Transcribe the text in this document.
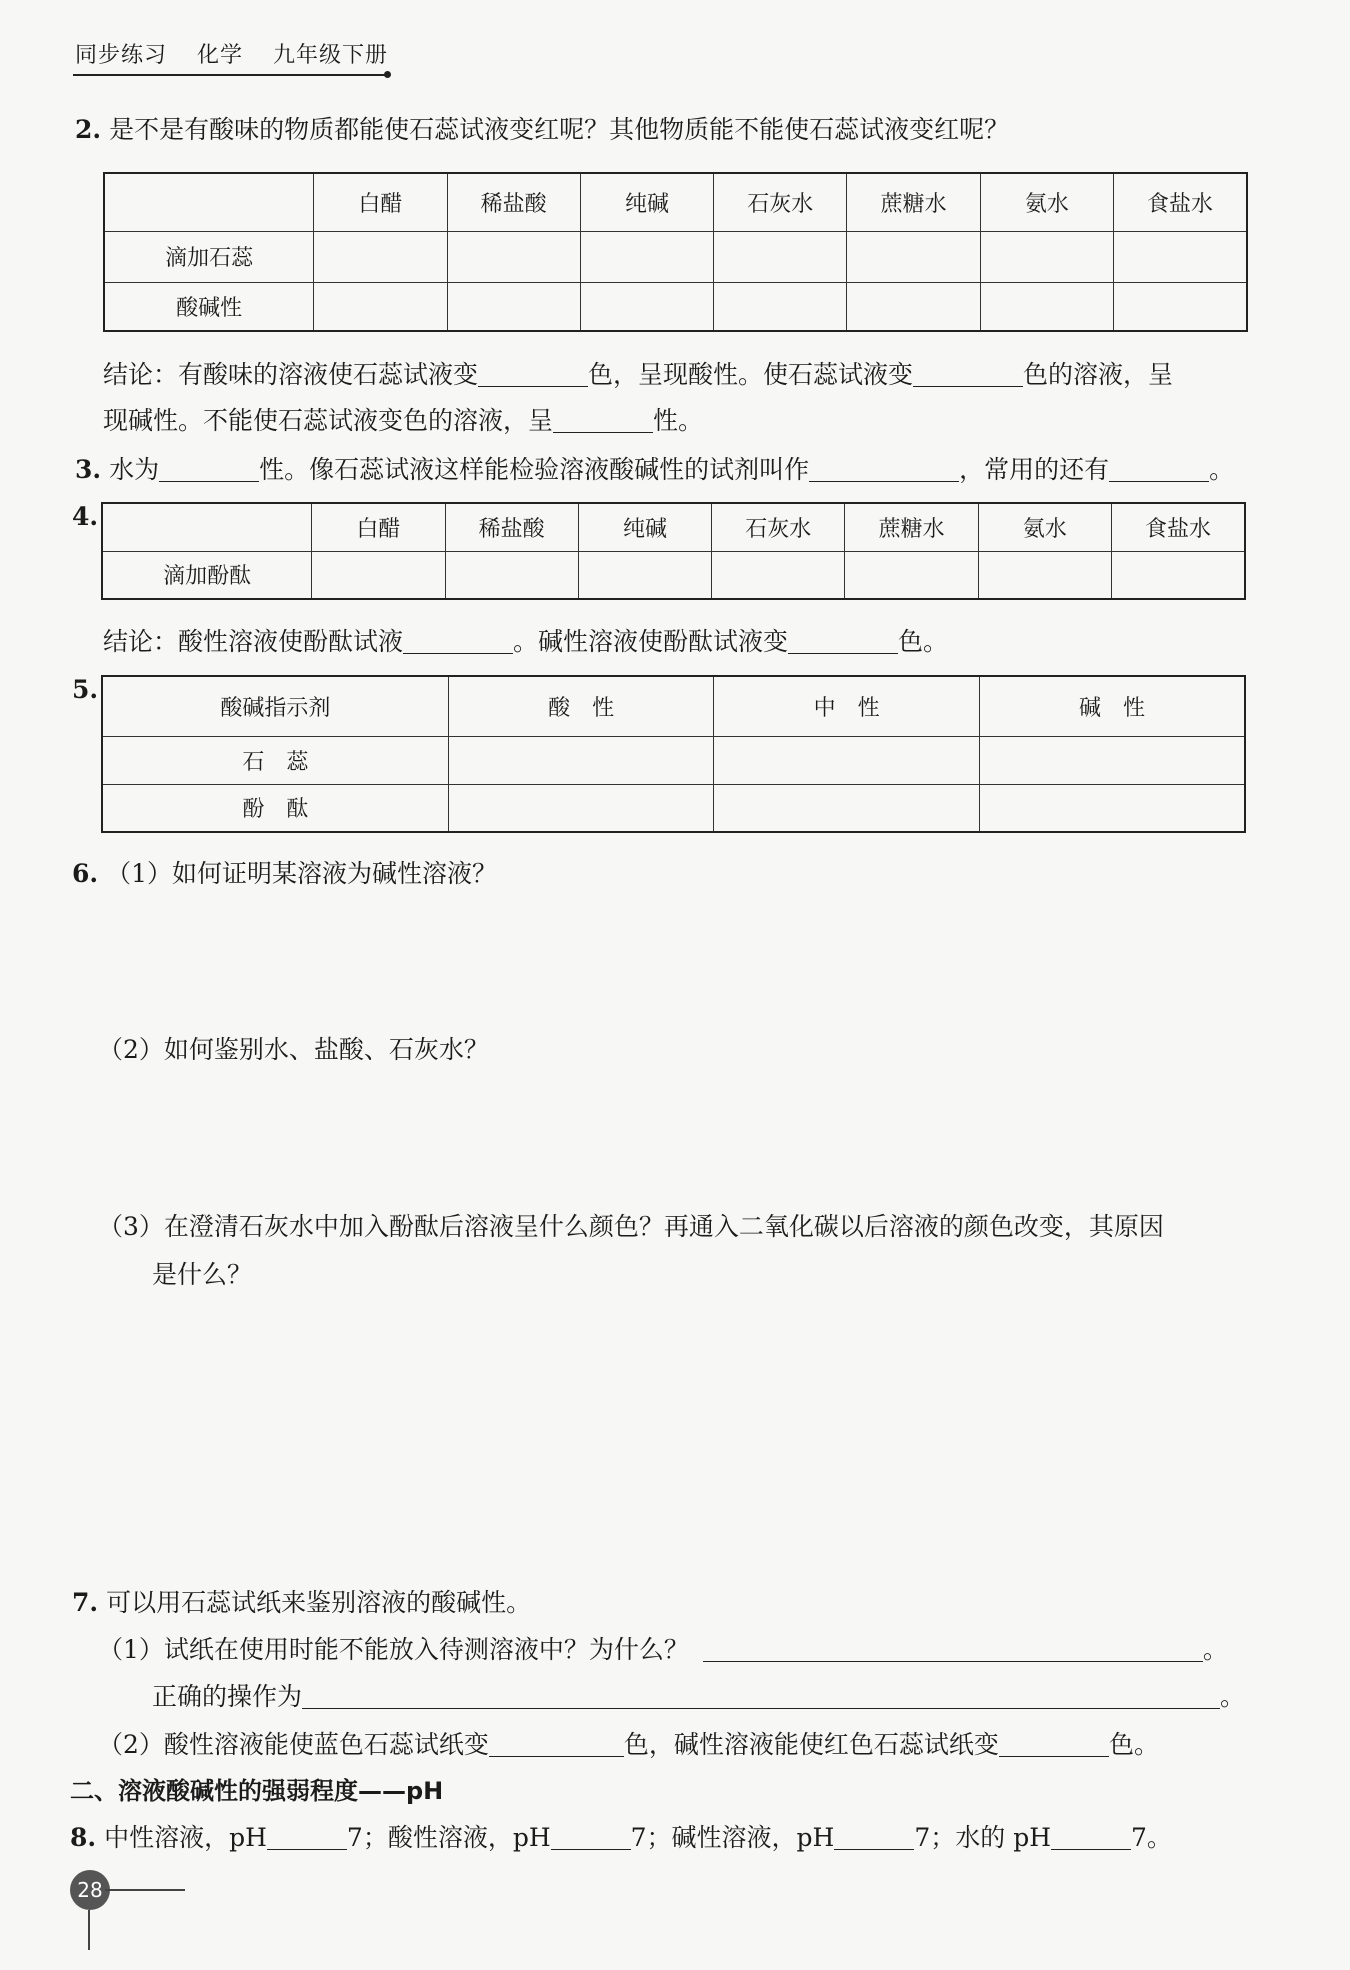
同步练习 化学 九年级下册
2. 是不是有酸味的物质都能使石蕊试液变红呢？其他物质能不能使石蕊试液变红呢？
	白醋	稀盐酸	纯碱	石灰水	蔗糖水	氨水	食盐水
滴加石蕊							
酸碱性							
结论：有酸味的溶液使石蕊试液变	色，呈现酸性。使石蕊试液变	色的溶液，呈
现碱性。不能使石蕊试液变色的溶液，呈	性。
3. 水为	性。像石蕊试液这样能检验溶液酸碱性的试剂叫作	，常用的还有	。
4.
		白醋	稀盐酸	纯碱	石灰水	蔗糖水	氨水	食盐水
滴加酚酞							
结论：酸性溶液使酚酞试液	。碱性溶液使酚酞试液变	色。
5.
酸碱指示剂	酸　性	中　性	碱　性
石　蕊			
酚　酞			
6. （1）如何证明某溶液为碱性溶液？
（2）如何鉴别水、盐酸、石灰水？
（3）在澄清石灰水中加入酚酞后溶液呈什么颜色？再通入二氧化碳以后溶液的颜色改变，其原因
是什么？
7. 可以用石蕊试纸来鉴别溶液的酸碱性。
（1）试纸在使用时能不能放入待测溶液中？为什么？	。
正确的操作为	。
（2）酸性溶液能使蓝色石蕊试纸变	色，碱性溶液能使红色石蕊试纸变	色。
二、溶液酸碱性的强弱程度——pH
8. 中性溶液，pH	7；酸性溶液，pH	7；碱性溶液，pH	7；水的 pH	7。
28
